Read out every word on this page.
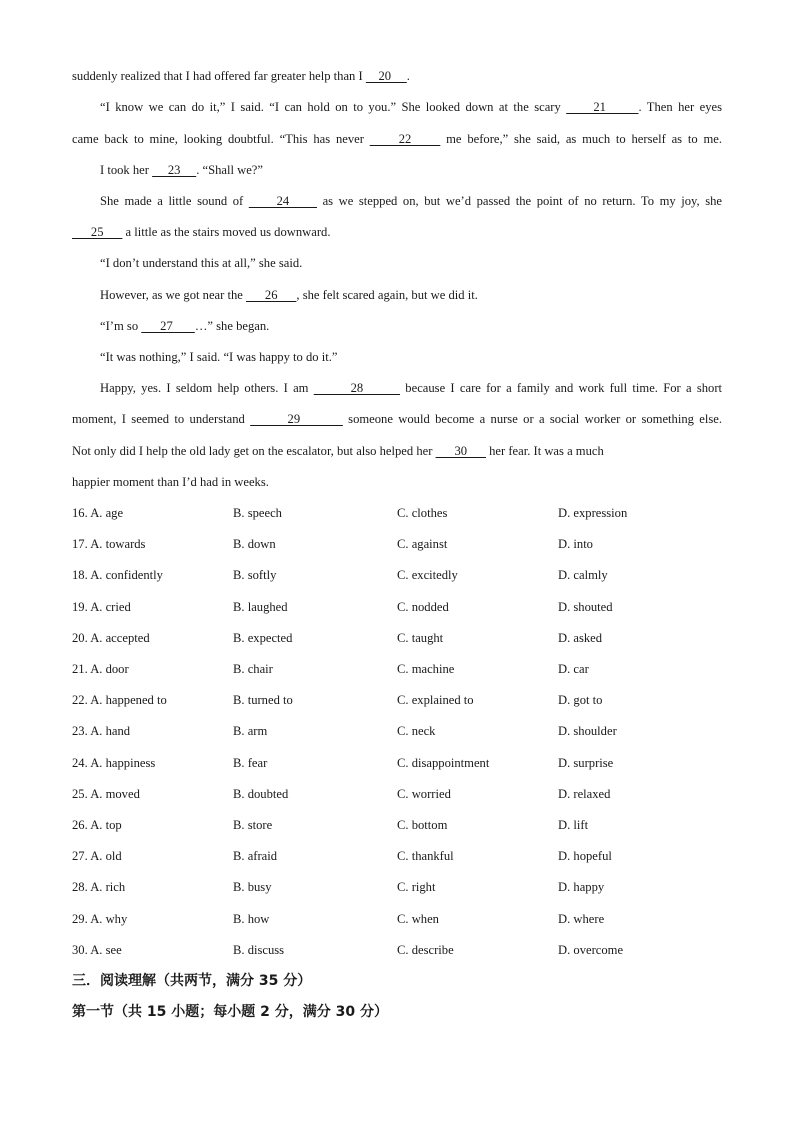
suddenly realized that I had offered far greater help than I     20     .
“I know we can do it,” I said. “I can hold on to you.” She looked down at the scary      21      . Then her eyes
came back to mine, looking doubtful. “This has never      22      me before,” she said, as much to herself as to me.
I took her      23     . “Shall we?”
She made a little sound of      24      as we stepped on, but we’d passed the point of no return. To my joy, she
25       a little as the stairs moved us downward.
“I don’t understand this at all,” she said.
However, as we got near the       26      , she felt scared again, but we did it.
“I’m so       27       …” she began.
“It was nothing,” I said. “I was happy to do it.”
Happy, yes. I seldom help others. I am        28        because I care for a family and work full time. For a short
moment, I seemed to understand        29         someone would become a nurse or a social worker or something else.
Not only did I help the old lady get on the escalator, but also helped her       30       her fear. It was a much
happier moment than I’d had in weeks.
16. A. age	B. speech	C. clothes	D. expression
17. A. towards	B. down	C. against	D. into
18. A. confidently	B. softly	C. excitedly	D. calmly
19. A. cried	B. laughed	C. nodded	D. shouted
20. A. accepted	B. expected	C. taught	D. asked
21. A. door	B. chair	C. machine	D. car
22. A. happened to	B. turned to	C. explained to	D. got to
23. A. hand	B. arm	C. neck	D. shoulder
24. A. happiness	B. fear	C. disappointment	D. surprise
25. A. moved	B. doubted	C. worried	D. relaxed
26. A. top	B. store	C. bottom	D. lift
27. A. old	B. afraid	C. thankful	D. hopeful
28. A. rich	B. busy	C. right	D. happy
29. A. why	B. how	C. when	D. where
30. A. see	B. discuss	C. describe	D. overcome
三．阅读理解（共两节，满分 35 分）
第一节（共 15 小题；每小题 2 分，满分 30 分）
